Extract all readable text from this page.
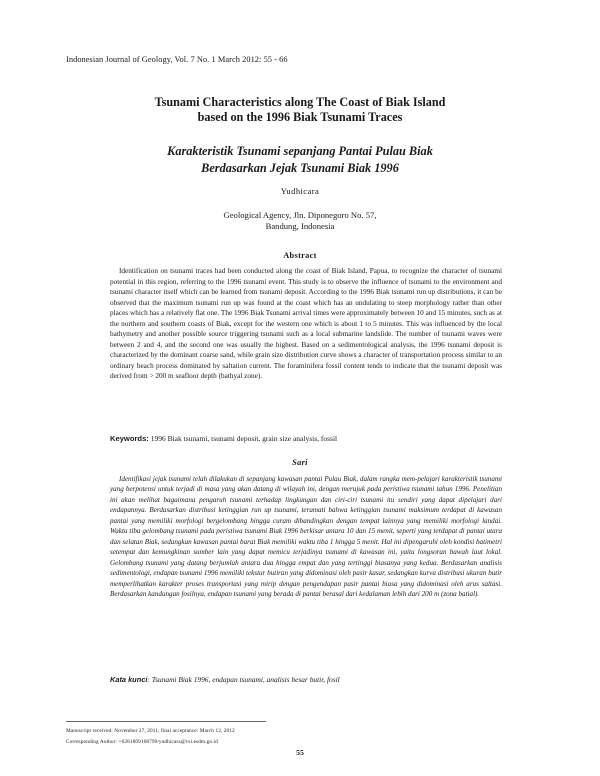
Indonesian Journal of Geology, Vol. 7 No. 1 March 2012: 55 - 66
Tsunami Characteristics along The Coast of Biak Island
based on the 1996 Biak Tsunami Traces
Karakteristik Tsunami sepanjang Pantai Pulau Biak
Berdasarkan Jejak Tsunami Biak 1996
Yudhicara
Geological Agency, Jln. Diponegoro No. 57,
Bandung, Indonesia
Abstract
Identification on tsunami traces had been conducted along the coast of Biak Island, Papua, to recognize the character of tsunami potential in this region, referring to the 1996 tsunami event. This study is to observe the influence of tsunami to the environment and tsunami character itself which can be learned from tsunami deposit. According to the 1996 Biak tsunami run up distributions, it can be observed that the maximum tsunami run up was found at the coast which has an undulating to steep morphology rather than other places which has a relatively flat one. The 1996 Biak Tsunami arrival times were approximately between 10 and 15 minutes, such as at the northern and southern coasts of Biak, except for the western one which is about 1 to 5 minutes. This was influenced by the local bathymetry and another possible source triggering tsunami such as a local submarine landslide. The number of tsunami waves were between 2 and 4, and the second one was usually the highest. Based on a sedimentological analysis, the 1996 tsunami deposit is characterized by the dominant coarse sand, while grain size distribution curve shows a character of transportation process similar to an ordinary beach process dominated by saltation current. The foraminifera fossil content tends to indicate that the tsunami deposit was derived from > 200 m seafloor depth (bathyal zone).
Keywords: 1996 Biak tsunami, tsunami deposit, grain size analysis, fossil
Sari
Identifikasi jejak tsunami telah dilakukan di sepanjang kawasan pantai Pulau Biak, dalam rangka mem-pelajari karakteristik tsunami yang berpotensi untuk terjadi di masa yang akan datang di wilayah ini, dengan merujuk pada peristiwa tsunami tahun 1996. Penelitian ini akan melihat bagaimana pengaruh tsunami terhadap lingkungan dan ciri-ciri tsunami itu sendiri yang dapat dipelajari dari endapannya. Berdasarkan distribusi ketinggian run up tsunami, teramati bahwa ketinggian tsunami maksimum terdapat di kawasan pantai yang memiliki morfologi bergelombang hingga curam dibandingkan dengan tempat lainnya yang memiliki morfologi landai. Waktu tiba gelombang tsunami pada peristiwa tsunami Biak 1996 berkisar antara 10 dan 15 menit, seperti yang terdapat di pantai utara dan selatan Biak, sedangkan kawasan pantai barat Biak memiliki waktu tiba 1 hingga 5 menit. Hal ini dipengaruhi oleh kondisi batimetri setempat dan kemungkinan sumber lain yang dapat memicu terjadinya tsunami di kawasan ini, yaitu longsoran bawah laut lokal. Gelombang tsunami yang datang berjumlah antara dua hingga empat dan yang tertinggi biasanya yang kedua. Berdasarkan analisis sedimentologi, endapan tsunami 1996 memiliki tekstur butiran yang didominasi oleh pasir kasar, sedangkan kurva distribusi ukuran butir memperlihatkan karakter proses transportasi yang mirip dengan pengendapan pasir pantai biasa yang didominasi oleh arus saltasi. Berdasarkan kandungan fosilnya, endapan tsunami yang berada di pantai berasal dari kedalaman lebih dari 200 m (zona batial).
Kata kunci: Tsunami Biak 1996, endapan tsunami, analisis besar butir, fosil
Manuscript received: November 27, 2011, final acceptance: March 12, 2012
Corresponding Author: +6281809168799/yudhicara@vsi.esdm.go.id
55
